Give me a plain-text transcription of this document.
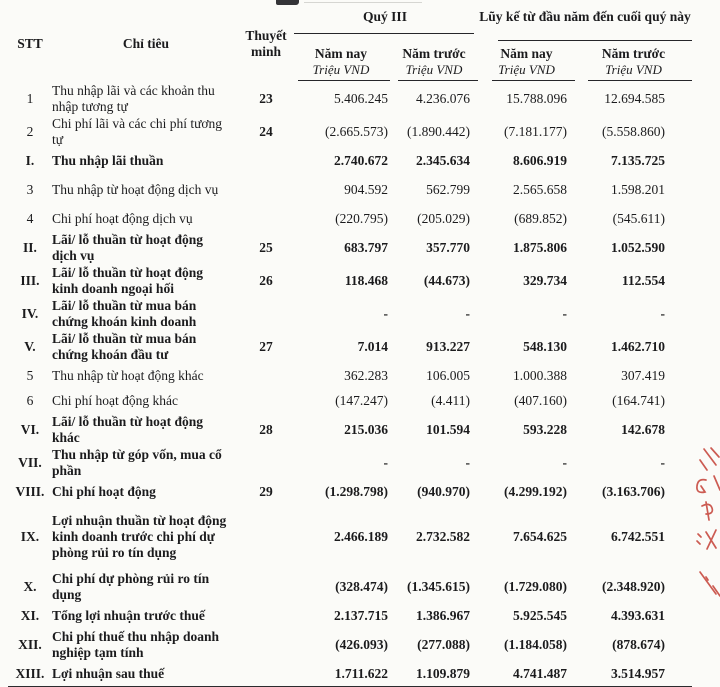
STT	Chỉ tiêu	Thuyết minh	Quý III		Lũy kế từ đầu năm đến cuối quý này	
			Năm nay	Năm trước	Năm nay	Năm trước
			Triệu VND	Triệu VND	Triệu VND	Triệu VND
1	Thu nhập lãi và các khoản thu nhập tương tự	23	5.406.245	4.236.076	15.788.096	12.694.585
2	Chi phí lãi và các chi phí tương tự	24	(2.665.573)	(1.890.442)	(7.181.177)	(5.558.860)
I.	Thu nhập lãi thuần		2.740.672	2.345.634	8.606.919	7.135.725
3	Thu nhập từ hoạt động dịch vụ		904.592	562.799	2.565.658	1.598.201
4	Chi phí hoạt động dịch vụ		(220.795)	(205.029)	(689.852)	(545.611)
II.	Lãi/ lỗ thuần từ hoạt động dịch vụ	25	683.797	357.770	1.875.806	1.052.590
III.	Lãi/ lỗ thuần từ hoạt động kinh doanh ngoại hối	26	118.468	(44.673)	329.734	112.554
IV.	Lãi/ lỗ thuần từ mua bán chứng khoán kinh doanh		-	-	-	-
V.	Lãi/ lỗ thuần từ mua bán chứng khoán đầu tư	27	7.014	913.227	548.130	1.462.710
5	Thu nhập từ hoạt động khác		362.283	106.005	1.000.388	307.419
6	Chi phí hoạt động khác		(147.247)	(4.411)	(407.160)	(164.741)
VI.	Lãi/ lỗ thuần từ hoạt động khác	28	215.036	101.594	593.228	142.678
VII.	Thu nhập từ góp vốn, mua cổ phần		-	-	-	-
VIII.	Chi phí hoạt động	29	(1.298.798)	(940.970)	(4.299.192)	(3.163.706)
IX.	Lợi nhuận thuần từ hoạt động kinh doanh trước chi phí dự phòng rủi ro tín dụng		2.466.189	2.732.582	7.654.625	6.742.551
X.	Chi phí dự phòng rủi ro tín dụng		(328.474)	(1.345.615)	(1.729.080)	(2.348.920)
XI.	Tổng lợi nhuận trước thuế		2.137.715	1.386.967	5.925.545	4.393.631
XII.	Chi phí thuế thu nhập doanh nghiệp tạm tính		(426.093)	(277.088)	(1.184.058)	(878.674)
XIII.	Lợi nhuận sau thuế		1.711.622	1.109.879	4.741.487	3.514.957
